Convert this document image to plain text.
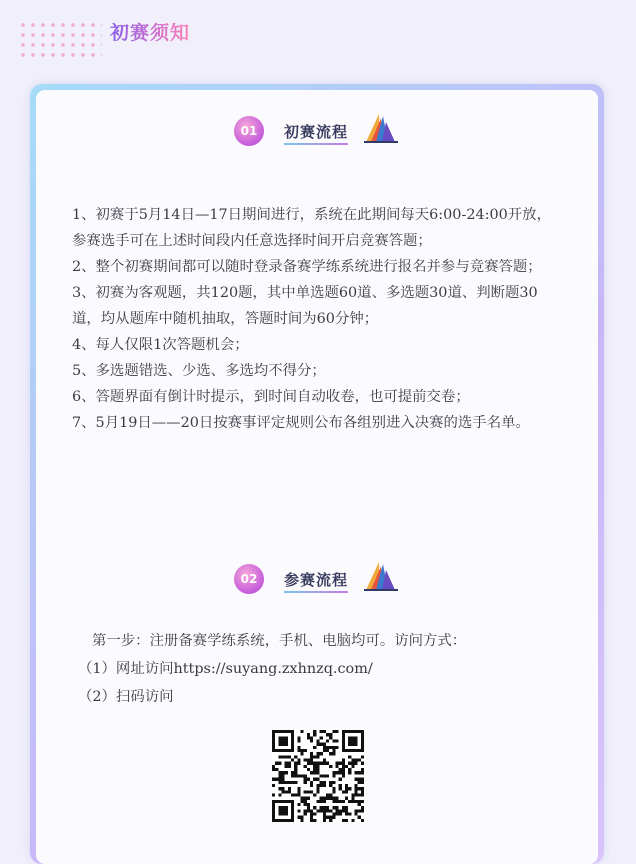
初赛须知
01	初赛流程

1、初赛于5月14日—17日期间进行，系统在此期间每天6:00-24:00开放，参赛选手可在上述时间段内任意选择时间开启竞赛答题；

2、整个初赛期间都可以随时登录备赛学练系统进行报名并参与竞赛答题；

3、初赛为客观题，共120题，其中单选题60道、多选题30道、判断题30道，均从题库中随机抽取，答题时间为60分钟；

4、每人仅限1次答题机会；

5、多选题错选、少选、多选均不得分；

6、答题界面有倒计时提示，到时间自动收卷，也可提前交卷；

7、5月19日——20日按赛事评定规则公布各组别进入决赛的选手名单。

02	参赛流程

第一步：注册备赛学练系统，手机、电脑均可。访问方式：

（1）网址访问https://suyang.zxhnzq.com/

（2）扫码访问
